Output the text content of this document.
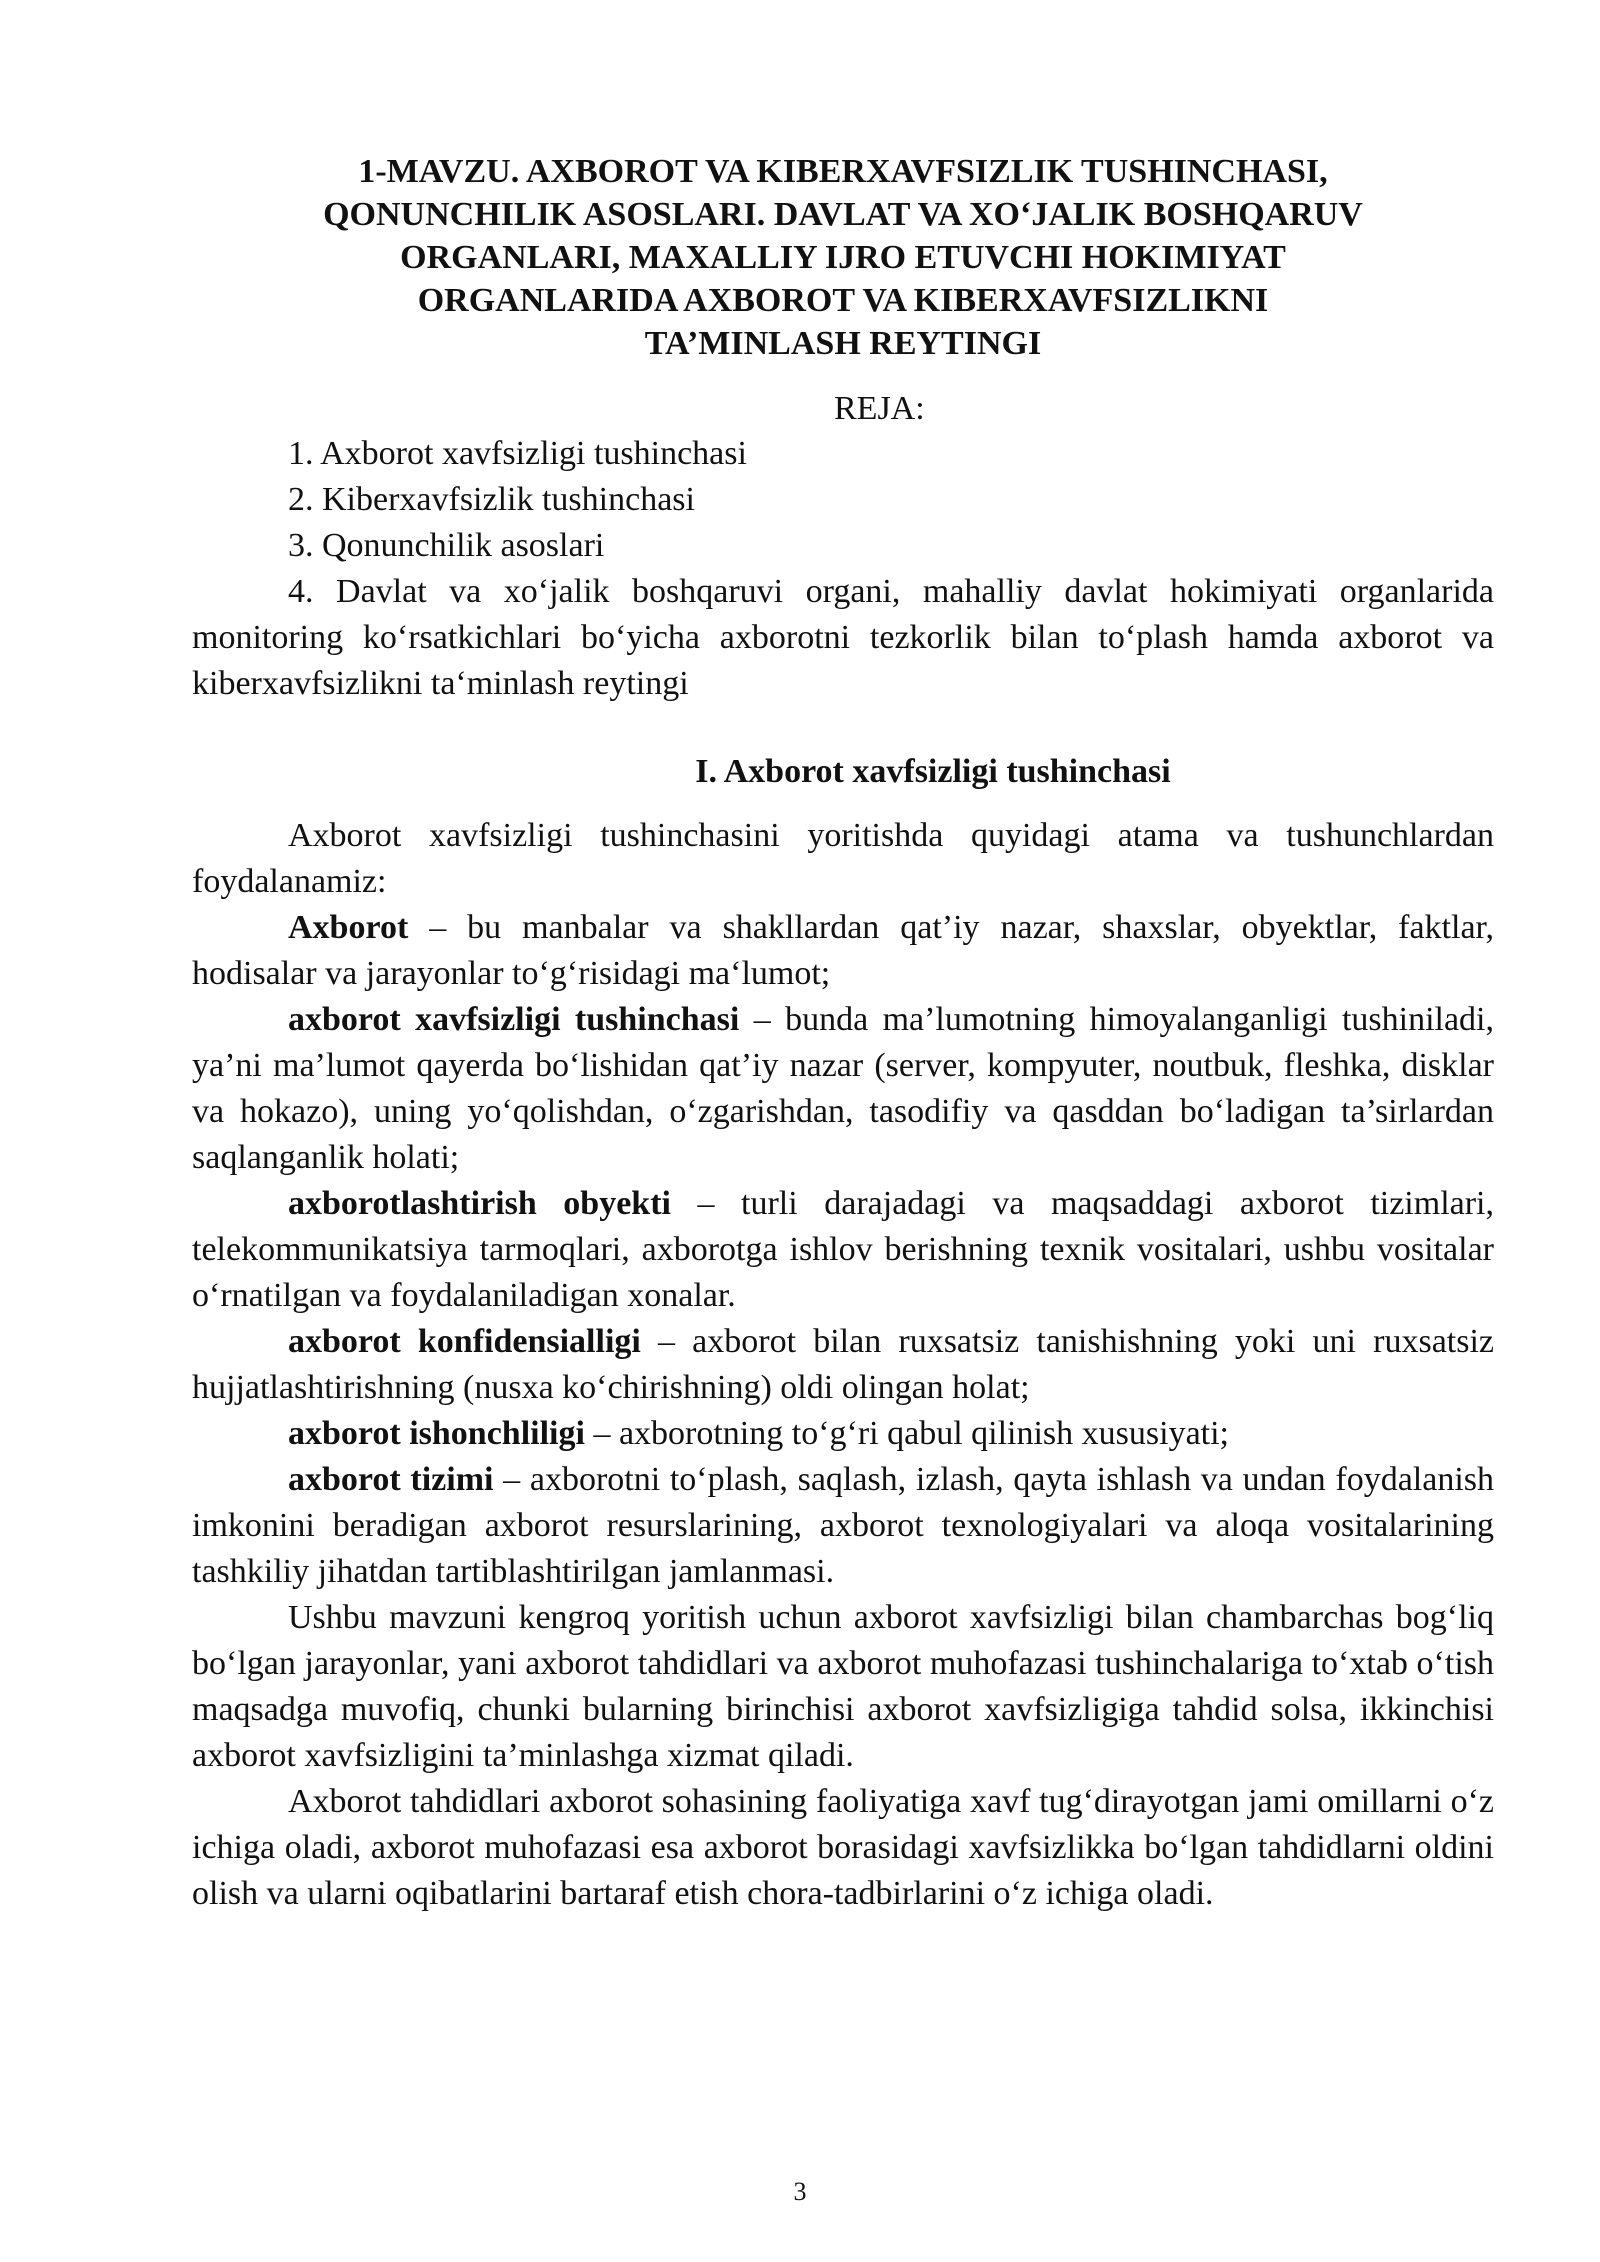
1-MAVZU. AXBOROT VA KIBERXAVFSIZLIK TUSHINCHASI,
QONUNCHILIK ASOSLARI. DAVLAT VA XO‘JALIK BOSHQARUV
ORGANLARI, MAXALLIY IJRO ETUVCHI HOKIMIYAT
ORGANLARIDA AXBOROT VA KIBERXAVFSIZLIKNI
TA’MINLASH REYTINGI

REJA:

1. Axborot xavfsizligi tushinchasi

2. Kiberxavfsizlik tushinchasi

3. Qonunchilik asoslari

4. Davlat va xo‘jalik boshqaruvi organi, mahalliy davlat hokimiyati organlarida monitoring ko‘rsatkichlari bo‘yicha axborotni tezkorlik bilan to‘plash hamda axborot va kiberxavfsizlikni ta‘minlash reytingi

I. Axborot xavfsizligi tushinchasi

Axborot xavfsizligi tushinchasini yoritishda quyidagi atama va tushunchlardan foydalanamiz:

Axborot – bu manbalar va shakllardan qat’iy nazar, shaxslar, obyektlar, faktlar, hodisalar va jarayonlar to‘g‘risidagi ma‘lumot;

axborot xavfsizligi tushinchasi – bunda ma’lumotning himoyalanganligi tushiniladi, ya’ni ma’lumot qayerda bo‘lishidan qat’iy nazar (server, kompyuter, noutbuk, fleshka, disklar va hokazo), uning yo‘qolishdan, o‘zgarishdan, tasodifiy va qasddan bo‘ladigan ta’sirlardan saqlanganlik holati;

axborotlashtirish obyekti – turli darajadagi va maqsaddagi axborot tizimlari, telekommunikatsiya tarmoqlari, axborotga ishlov berishning texnik vositalari, ushbu vositalar o‘rnatilgan va foydalaniladigan xonalar.

axborot konfidensialligi – axborot bilan ruxsatsiz tanishishning yoki uni ruxsatsiz hujjatlashtirishning (nusxa ko‘chirishning) oldi olingan holat;

axborot ishonchliligi – axborotning to‘g‘ri qabul qilinish xususiyati;

axborot tizimi – axborotni to‘plash, saqlash, izlash, qayta ishlash va undan foydalanish imkonini beradigan axborot resurslarining, axborot texnologiyalari va aloqa vositalarining tashkiliy jihatdan tartiblashtirilgan jamlanmasi.

Ushbu mavzuni kengroq yoritish uchun axborot xavfsizligi bilan chambarchas bog‘liq bo‘lgan jarayonlar, yani axborot tahdidlari va axborot muhofazasi tushinchalariga to‘xtab o‘tish maqsadga muvofiq, chunki bularning birinchisi axborot xavfsizligiga tahdid solsa, ikkinchisi axborot xavfsizligini ta’minlashga xizmat qiladi.

Axborot tahdidlari axborot sohasining faoliyatiga xavf tug‘dirayotgan jami omillarni o‘z ichiga oladi, axborot muhofazasi esa axborot borasidagi xavfsizlikka bo‘lgan tahdidlarni oldini olish va ularni oqibatlarini bartaraf etish chora-tadbirlarini o‘z ichiga oladi.

3
